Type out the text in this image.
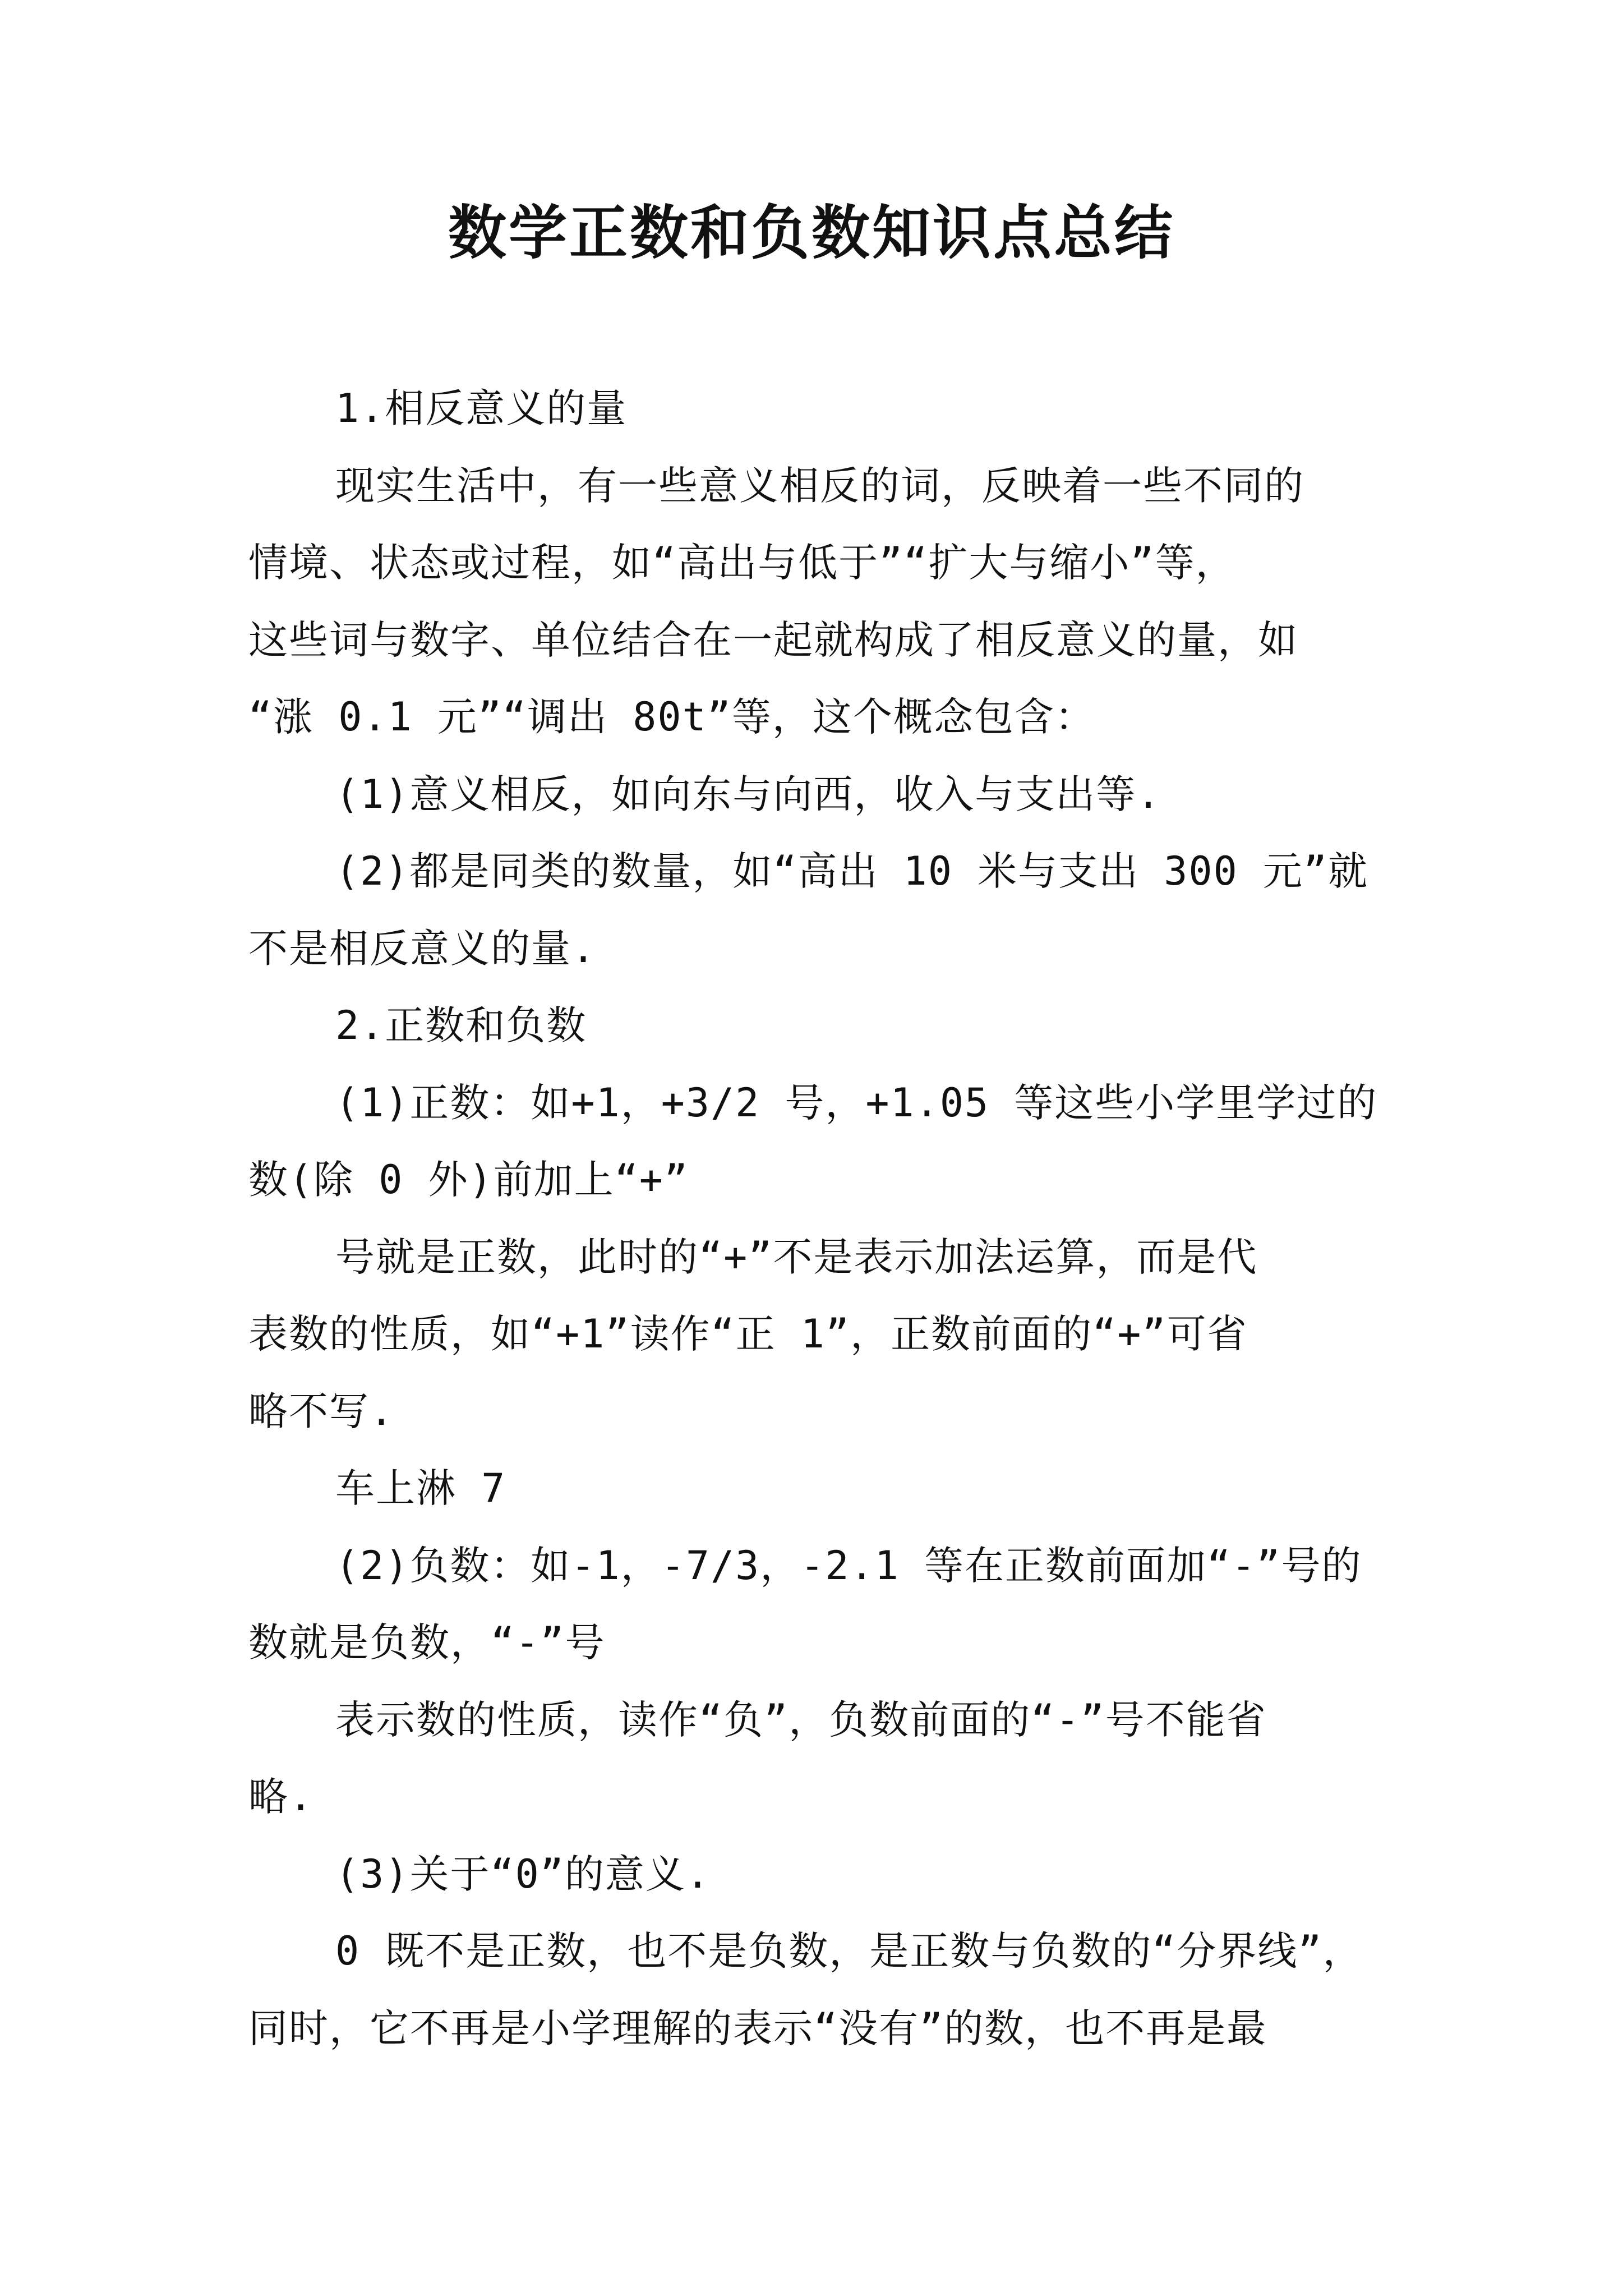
数学正数和负数知识点总结

1.相反意义的量

现实生活中，有一些意义相反的词，反映着一些不同的

情境、状态或过程，如“高出与低于”“扩大与缩小”等，

这些词与数字、单位结合在一起就构成了相反意义的量，如

“涨 0.1 元”“调出 80t”等，这个概念包含：

(1)意义相反，如向东与向西，收入与支出等.

(2)都是同类的数量，如“高出 10 米与支出 300 元”就

不是相反意义的量.

2.正数和负数

(1)正数：如+1，+3/2 号，+1.05 等这些小学里学过的

数(除 0 外)前加上“+”

号就是正数，此时的“+”不是表示加法运算，而是代

表数的性质，如“+1”读作“正 1”，正数前面的“+”可省

略不写.

车上淋 7

(2)负数：如-1，-7/3，-2.1 等在正数前面加“-”号的

数就是负数，“-”号

表示数的性质，读作“负”，负数前面的“-”号不能省

略.

(3)关于“0”的意义.

0 既不是正数，也不是负数，是正数与负数的“分界线”，

同时，它不再是小学理解的表示“没有”的数，也不再是最
